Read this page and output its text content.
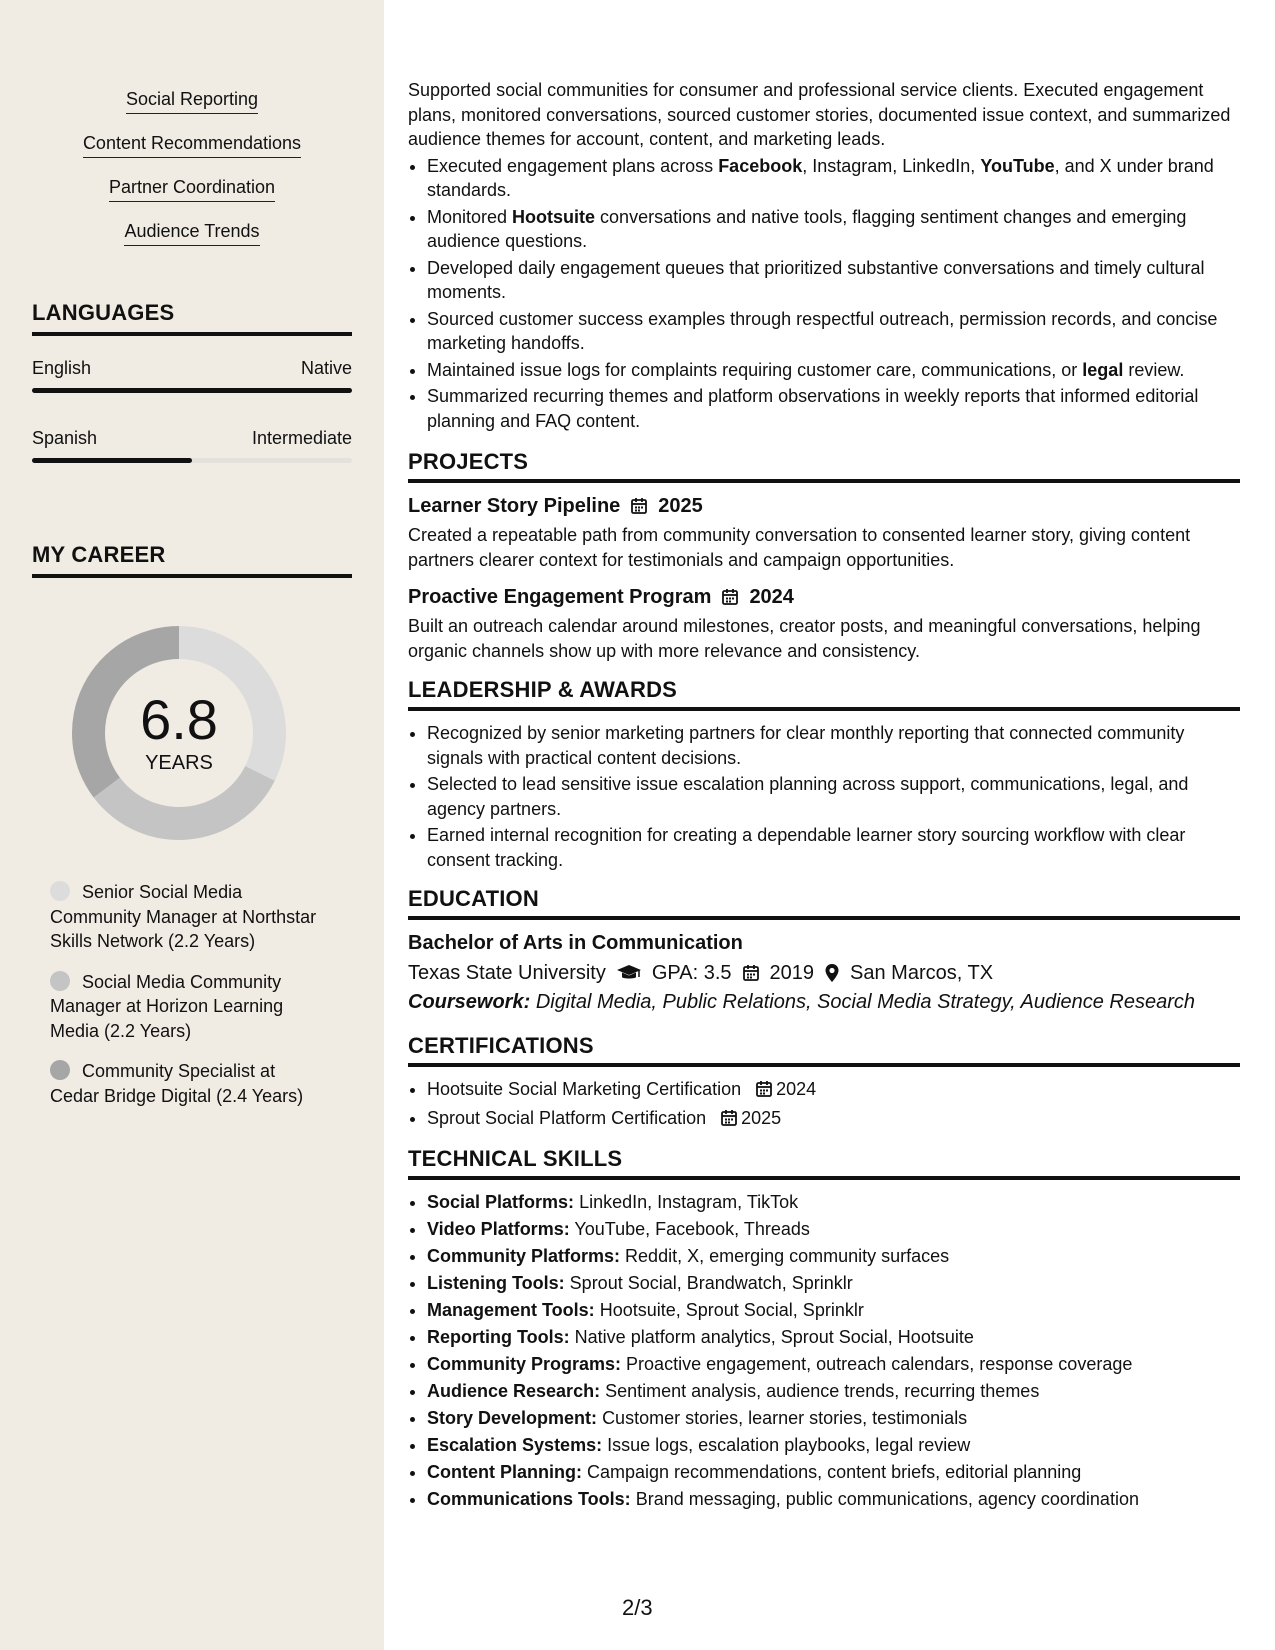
Social Reporting
Content Recommendations
Partner Coordination
Audience Trends
LANGUAGES
English	Native
Spanish	Intermediate
MY CAREER
6.8
YEARS
Senior Social Media Community Manager at Northstar Skills Network (2.2 Years)
Social Media Community Manager at Horizon Learning Media (2.2 Years)
Community Specialist at Cedar Bridge Digital (2.4 Years)

Supported social communities for consumer and professional service clients. Executed engagement plans, monitored conversations, sourced customer stories, documented issue context, and summarized audience themes for account, content, and marketing leads.

• Executed engagement plans across Facebook, Instagram, LinkedIn, YouTube, and X under brand standards.
• Monitored Hootsuite conversations and native tools, flagging sentiment changes and emerging audience questions.
• Developed daily engagement queues that prioritized substantive conversations and timely cultural moments.
• Sourced customer success examples through respectful outreach, permission records, and concise marketing handoffs.
• Maintained issue logs for complaints requiring customer care, communications, or legal review.
• Summarized recurring themes and platform observations in weekly reports that informed editorial planning and FAQ content.
PROJECTS
Learner Story Pipeline 2025

Created a repeatable path from community conversation to consented learner story, giving content partners clearer context for testimonials and campaign opportunities.

Proactive Engagement Program 2024

Built an outreach calendar around milestones, creator posts, and meaningful conversations, helping organic channels show up with more relevance and consistency.

LEADERSHIP & AWARDS
• Recognized by senior marketing partners for clear monthly reporting that connected community signals with practical content decisions.
• Selected to lead sensitive issue escalation planning across support, communications, legal, and agency partners.
• Earned internal recognition for creating a dependable learner story sourcing workflow with clear consent tracking.
EDUCATION
Bachelor of Arts in Communication
Texas State University GPA: 3.5 2019 San Marcos, TX
Coursework: Digital Media, Public Relations, Social Media Strategy, Audience Research
CERTIFICATIONS
• Hootsuite Social Marketing Certification 2024
• Sprout Social Platform Certification 2025
TECHNICAL SKILLS
• Social Platforms: LinkedIn, Instagram, TikTok
• Video Platforms: YouTube, Facebook, Threads
• Community Platforms: Reddit, X, emerging community surfaces
• Listening Tools: Sprout Social, Brandwatch, Sprinklr
• Management Tools: Hootsuite, Sprout Social, Sprinklr
• Reporting Tools: Native platform analytics, Sprout Social, Hootsuite
• Community Programs: Proactive engagement, outreach calendars, response coverage
• Audience Research: Sentiment analysis, audience trends, recurring themes
• Story Development: Customer stories, learner stories, testimonials
• Escalation Systems: Issue logs, escalation playbooks, legal review
• Content Planning: Campaign recommendations, content briefs, editorial planning
• Communications Tools: Brand messaging, public communications, agency coordination
2/3
